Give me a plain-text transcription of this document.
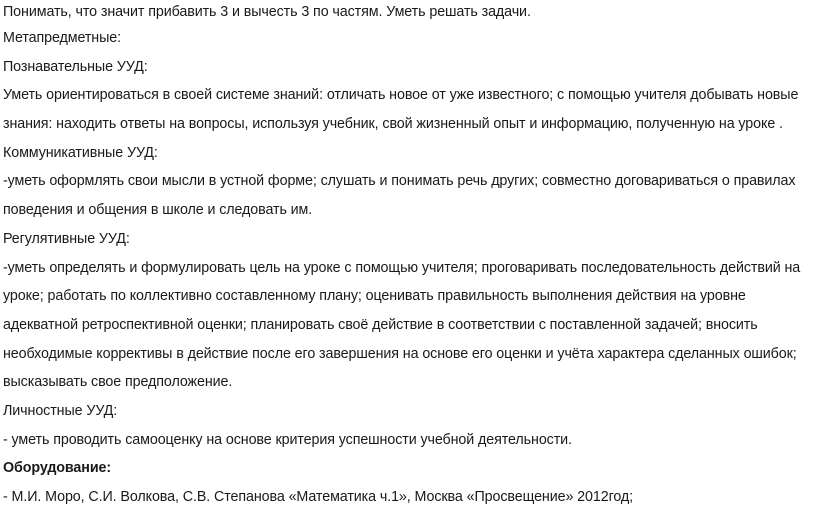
Понимать, что значит прибавить 3 и вычесть 3 по частям. Уметь решать задачи.
Метапредметные:
Познавательные УУД:
Уметь ориентироваться в своей системе знаний: отличать новое от уже известного; с помощью учителя добывать новые
знания: находить ответы на вопросы, используя учебник, свой жизненный опыт и информацию, полученную на уроке .
Коммуникативные УУД:
-уметь оформлять свои мысли в устной форме; слушать и понимать речь других; совместно договариваться о правилах
поведения и общения в школе и следовать им.
Регулятивные УУД:
-уметь определять и формулировать цель на уроке с помощью учителя; проговаривать последовательность действий на
уроке; работать по коллективно составленному плану; оценивать правильность выполнения действия на уровне
адекватной ретроспективной оценки; планировать своё действие в соответствии с поставленной задачей; вносить
необходимые коррективы в действие после его завершения на основе его оценки и учёта характера сделанных ошибок;
высказывать свое предположение.
Личностные УУД:
- уметь проводить самооценку на основе критерия успешности учебной деятельности.
Оборудование:
- М.И. Моро, С.И. Волкова, С.В. Степанова «Математика ч.1», Москва «Просвещение» 2012год;
